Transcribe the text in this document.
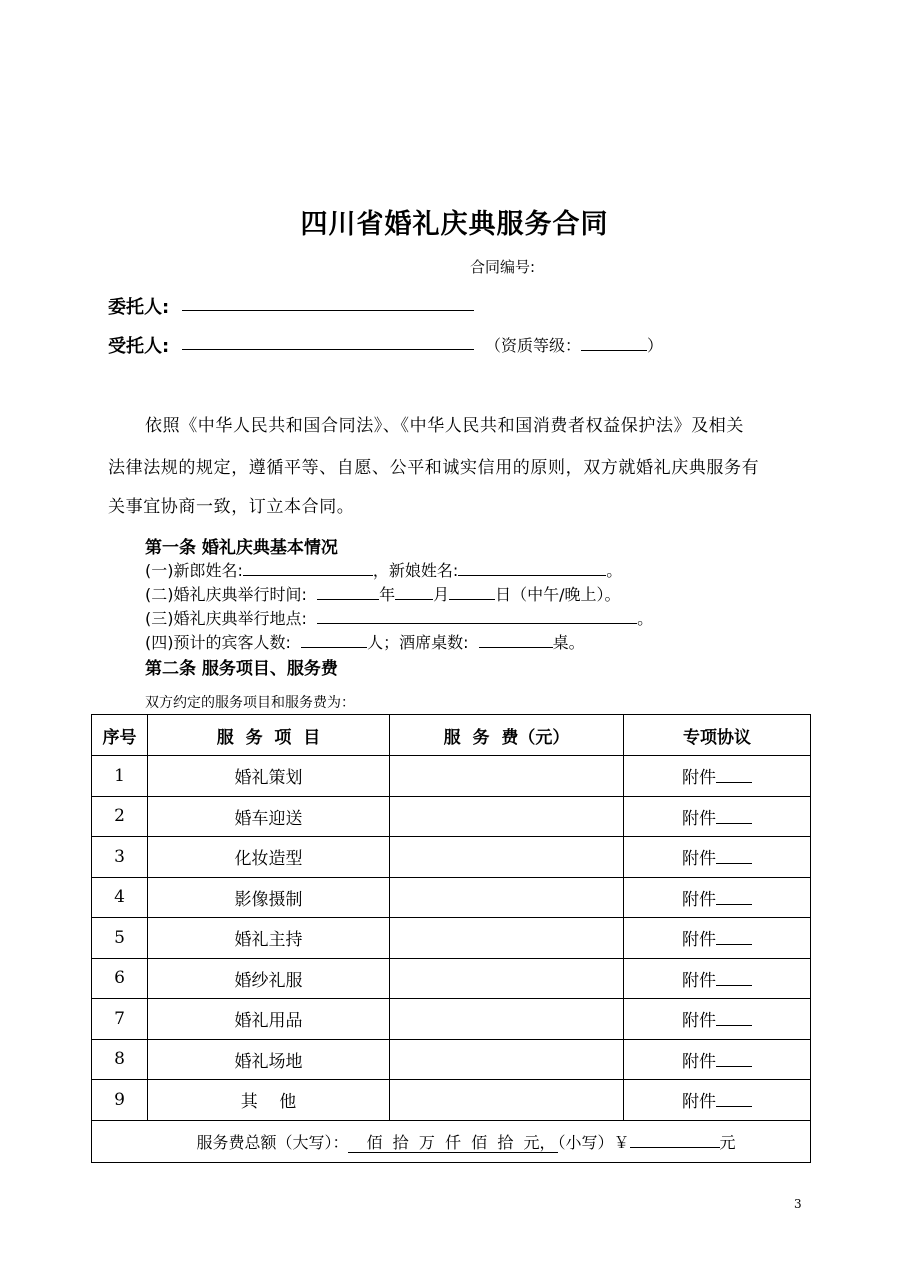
四川省婚礼庆典服务合同
合同编号:
委托人:
受托人:	（资质等级：	）
依照《中华人民共和国合同法》、《中华人民共和国消费者权益保护法》及相关
法律法规的规定，遵循平等、自愿、公平和诚实信用的原则，双方就婚礼庆典服务有
关事宜协商一致，订立本合同。
第一条 婚礼庆典基本情况
(一)新郎姓名:	，新娘姓名:	。
(二)婚礼庆典举行时间:	年 月	日（中午/晚上）。
(三)婚礼庆典举行地点:	。
(四)预计的宾客人数:	人；酒席桌数:	桌。
第二条 服务项目、服务费
双方约定的服务项目和服务费为：
序号	服  务  项  目	服  务  费（元）	专项协议
1	婚礼策划		附件
2	婚车迎送		附件
3	化妆造型		附件
4	影像摄制		附件
5	婚礼主持		附件
6	婚纱礼服		附件
7	婚礼用品		附件
8	婚礼场地		附件
9	其    他		附件
服务费总额（大写）： 佰  拾  万  仟  佰  拾  元， （小写）￥ 元			
3
